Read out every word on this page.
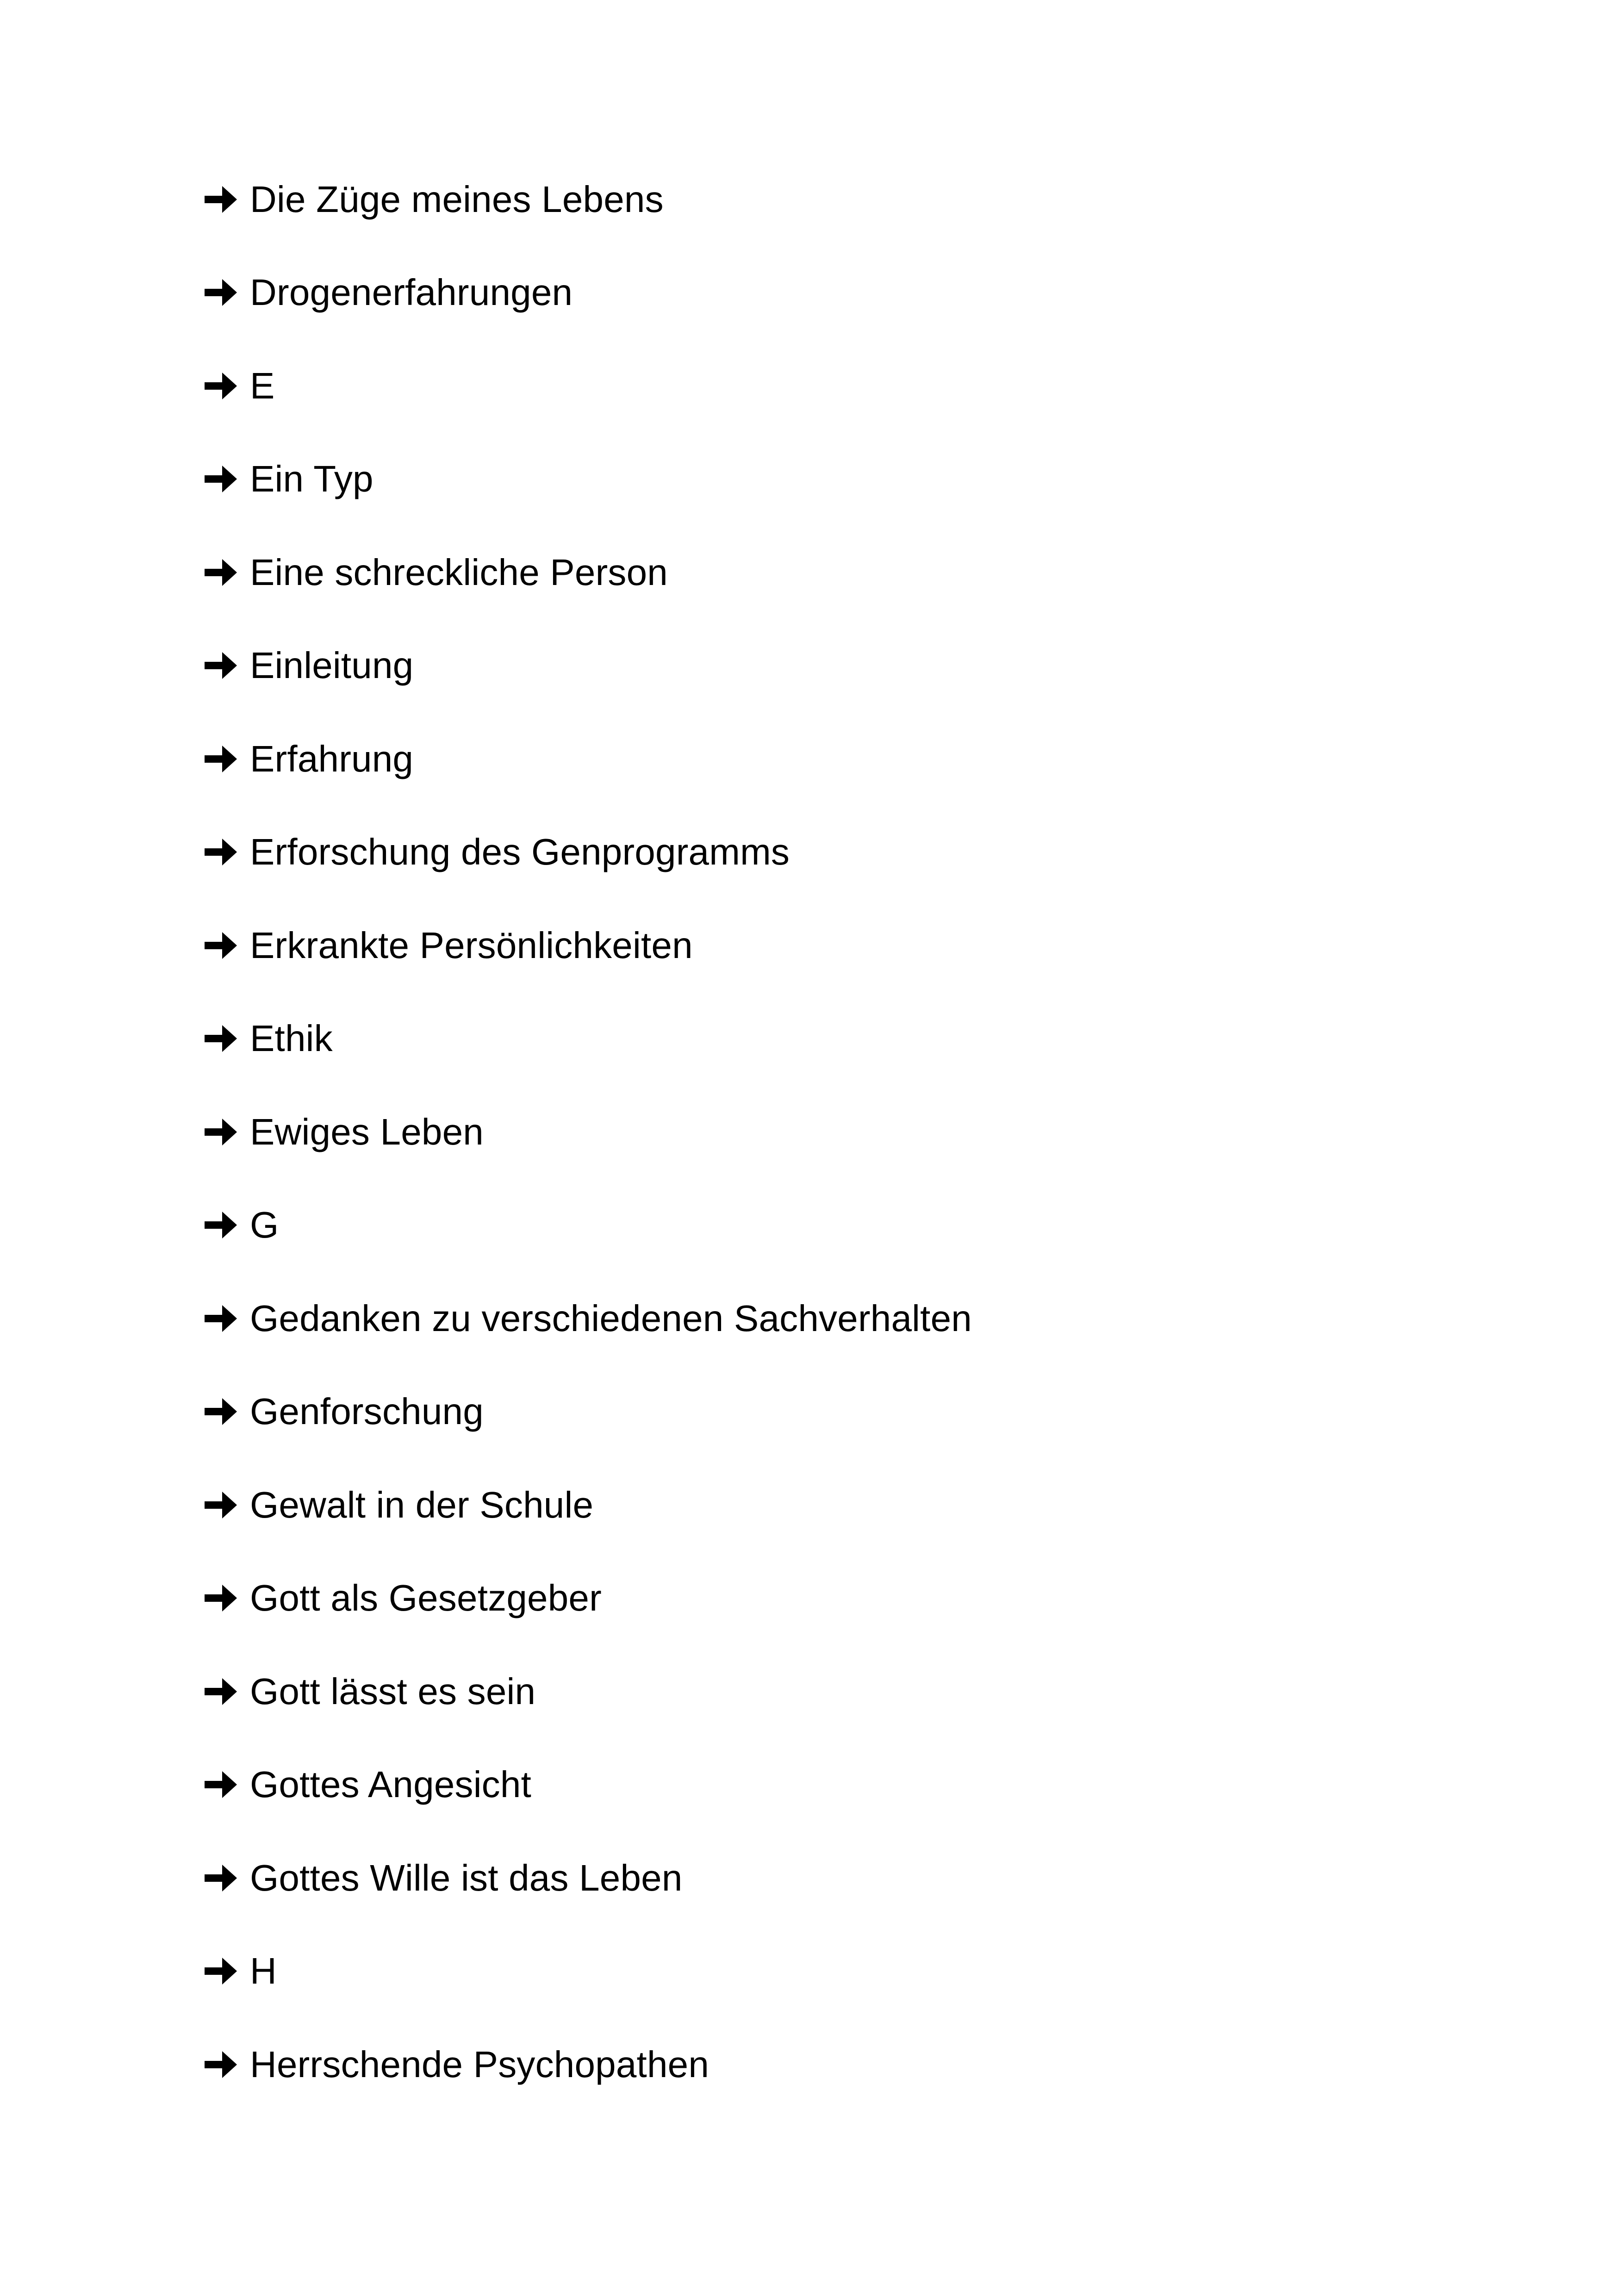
Die Züge meines Lebens
Drogenerfahrungen
E
Ein Typ
Eine schreckliche Person
Einleitung
Erfahrung
Erforschung des Genprogramms
Erkrankte Persönlichkeiten
Ethik
Ewiges Leben
G
Gedanken zu verschiedenen Sachverhalten
Genforschung
Gewalt in der Schule
Gott als Gesetzgeber
Gott lässt es sein
Gottes Angesicht
Gottes Wille ist das Leben
H
Herrschende Psychopathen
